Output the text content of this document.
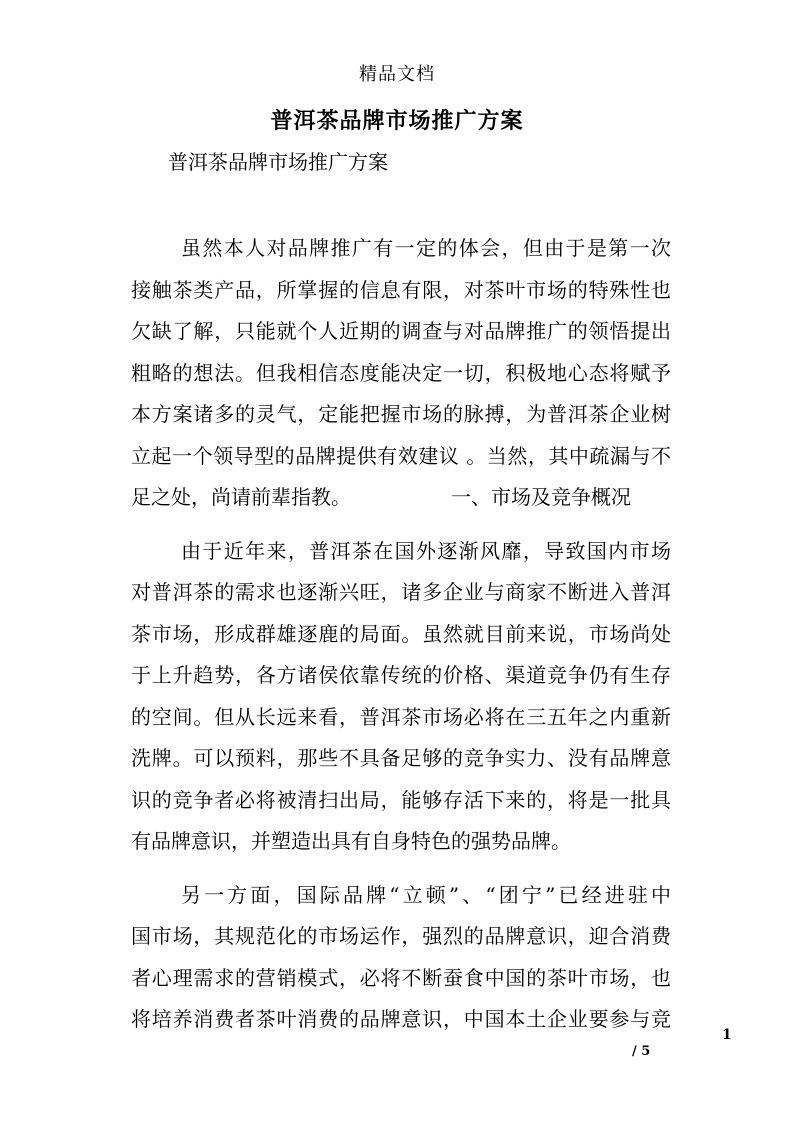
精品文档
普洱茶品牌市场推广方案
普洱茶品牌市场推广方案
虽然本人对品牌推广有一定的体会，但由于是第一次
接触茶类产品，所掌握的信息有限，对茶叶市场的特殊性也
欠缺了解，只能就个人近期的调查与对品牌推广的领悟提出
粗略的想法。但我相信态度能决定一切，积极地心态将赋予
本方案诸多的灵气，定能把握市场的脉搏，为普洱茶企业树
立起一个领导型的品牌提供有效建议 。当然，其中疏漏与不
足之处，尚请前辈指教。	一、市场及竞争概况
由于近年来，普洱茶在国外逐渐风靡，导致国内市场
对普洱茶的需求也逐渐兴旺，诸多企业与商家不断进入普洱
茶市场，形成群雄逐鹿的局面。虽然就目前来说，市场尚处
于上升趋势，各方诸侯依靠传统的价格、渠道竞争仍有生存
的空间。但从长远来看，普洱茶市场必将在三五年之内重新
洗牌。可以预料，那些不具备足够的竞争实力、没有品牌意
识的竞争者必将被清扫出局，能够存活下来的，将是一批具
有品牌意识，并塑造出具有自身特色的强势品牌。
另一方面，国际品牌“立顿”、“团宁”已经进驻中
国市场，其规范化的市场运作，强烈的品牌意识，迎合消费
者心理需求的营销模式，必将不断蚕食中国的茶叶市场，也
将培养消费者茶叶消费的品牌意识，中国本土企业要参与竞
1
/ 5
